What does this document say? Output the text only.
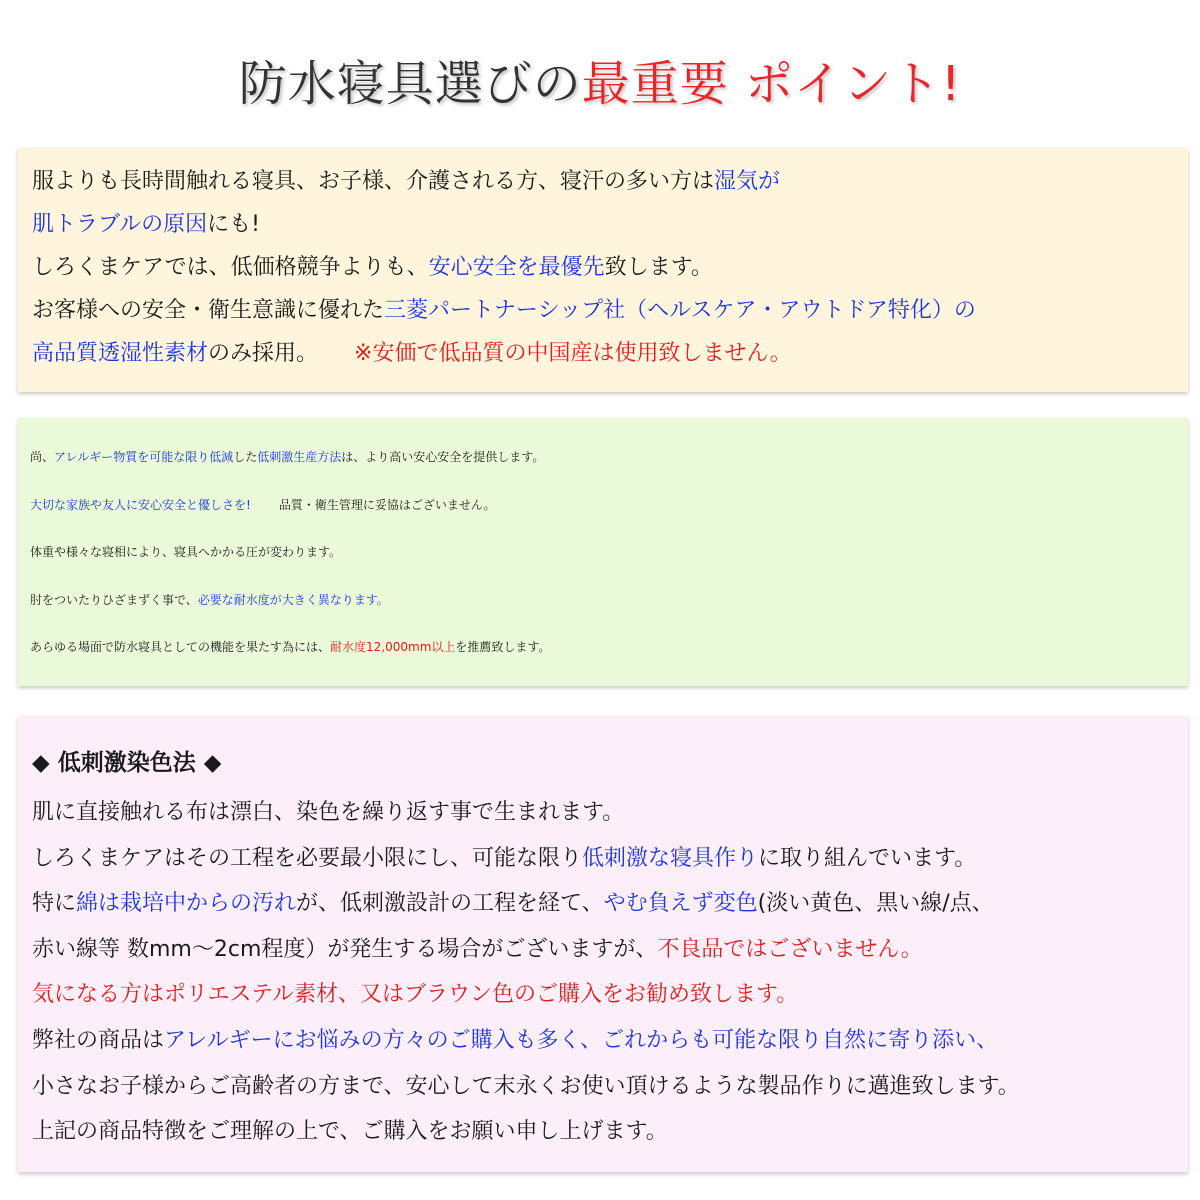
防水寝具選びの最重要 ポイント!
服よりも長時間触れる寝具、お子様、介護される方、寝汗の多い方は湿気が
肌トラブルの原因にも!
しろくまケアでは、低価格競争よりも、安心安全を最優先致します。
お客様への安全・衛生意識に優れた三菱パートナーシップ社（ヘルスケア・アウトドア特化）の
高品質透湿性素材のみ採用。 ※安価で低品質の中国産は使用致しません。
尚、アレルギー物質を可能な限り低減した低刺激生産方法は、より高い安心安全を提供します。
大切な家族や友人に安心安全と優しさを! 品質・衛生管理に妥協はございません。
体重や様々な寝相により、寝具へかかる圧が変わります。
肘をついたりひざまずく事で、必要な耐水度が大きく異なります。
あらゆる場面で防水寝具としての機能を果たす為には、耐水度12,000mm以上を推薦致します。
◆ 低刺激染色法 ◆
肌に直接触れる布は漂白、染色を繰り返す事で生まれます。
しろくまケアはその工程を必要最小限にし、可能な限り低刺激な寝具作りに取り組んでいます。
特に綿は栽培中からの汚れが、低刺激設計の工程を経て、やむ負えず変色(淡い黄色、黒い線/点、
赤い線等 数mm～2cm程度）が発生する場合がございますが、不良品ではございません。
気になる方はポリエステル素材、又はブラウン色のご購入をお勧め致します。
弊社の商品はアレルギーにお悩みの方々のご購入も多く、ごれからも可能な限り自然に寄り添い、
小さなお子様からご高齢者の方まで、安心して末永くお使い頂けるような製品作りに邁進致します。
上記の商品特徴をご理解の上で、ご購入をお願い申し上げます。
